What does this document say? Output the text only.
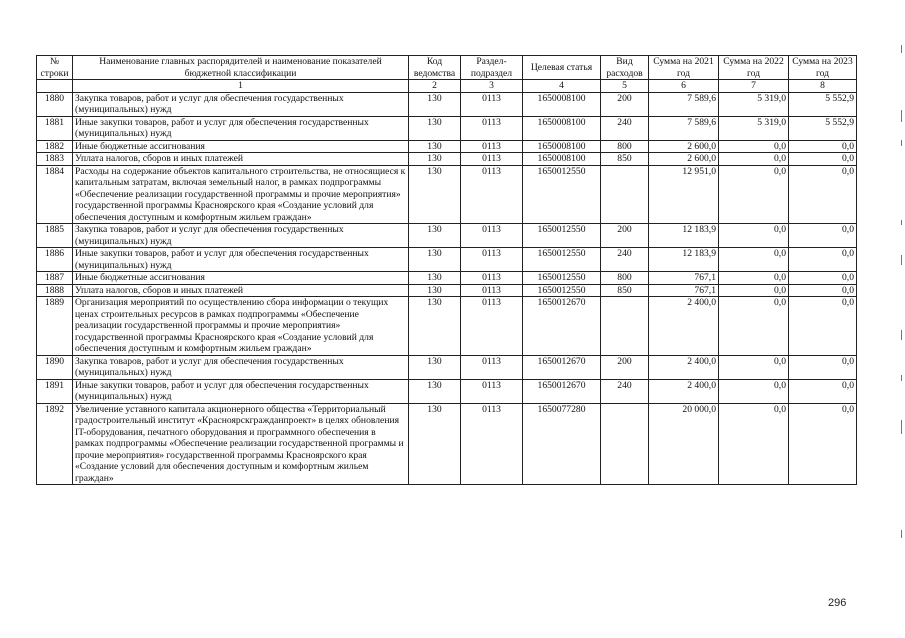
№ строки	Наименование главных распорядителей и наименование показателей бюджетной классификации	Код ведомства	Раздел-подраздел	Целевая статья	Вид расходов	Сумма на 2021 год	Сумма на 2022 год	Сумма на 2023 год
	1	2	3	4	5	6	7	8
1880	Закупка товаров, работ и услуг для обеспечения государственных (муниципальных) нужд	130	0113	1650008100	200	7 589,6	5 319,0	5 552,9
1881	Иные закупки товаров, работ и услуг для обеспечения государственных (муниципальных) нужд	130	0113	1650008100	240	7 589,6	5 319,0	5 552,9
1882	Иные бюджетные ассигнования	130	0113	1650008100	800	2 600,0	0,0	0,0
1883	Уплата налогов, сборов и иных платежей	130	0113	1650008100	850	2 600,0	0,0	0,0
1884	Расходы на содержание объектов капитального строительства, не относящиеся к капитальным затратам, включая земельный налог, в рамках подпрограммы «Обеспечение реализации государственной программы и прочие мероприятия» государственной программы Красноярского края «Создание условий для обеспечения доступным и комфортным жильем граждан»	130	0113	1650012550		12 951,0	0,0	0,0
1885	Закупка товаров, работ и услуг для обеспечения государственных (муниципальных) нужд	130	0113	1650012550	200	12 183,9	0,0	0,0
1886	Иные закупки товаров, работ и услуг для обеспечения государственных (муниципальных) нужд	130	0113	1650012550	240	12 183,9	0,0	0,0
1887	Иные бюджетные ассигнования	130	0113	1650012550	800	767,1	0,0	0,0
1888	Уплата налогов, сборов и иных платежей	130	0113	1650012550	850	767,1	0,0	0,0
1889	Организация мероприятий по осуществлению сбора информации о текущих ценах строительных ресурсов в рамках подпрограммы «Обеспечение реализации государственной программы и прочие мероприятия» государственной программы Красноярского края «Создание условий для обеспечения доступным и комфортным жильем граждан»	130	0113	1650012670		2 400,0	0,0	0,0
1890	Закупка товаров, работ и услуг для обеспечения государственных (муниципальных) нужд	130	0113	1650012670	200	2 400,0	0,0	0,0
1891	Иные закупки товаров, работ и услуг для обеспечения государственных (муниципальных) нужд	130	0113	1650012670	240	2 400,0	0,0	0,0
1892	Увеличение уставного капитала акционерного общества «Территориальный градостроительный институт «Красноярскгражданпроект» в целях обновления IT-оборудования, печатного оборудования и программного обеспечения в рамках подпрограммы «Обеспечение реализации государственной программы и прочие мероприятия» государственной программы Красноярского края «Создание условий для обеспечения доступным и комфортным жильем граждан»	130	0113	1650077280		20 000,0	0,0	0,0
296
